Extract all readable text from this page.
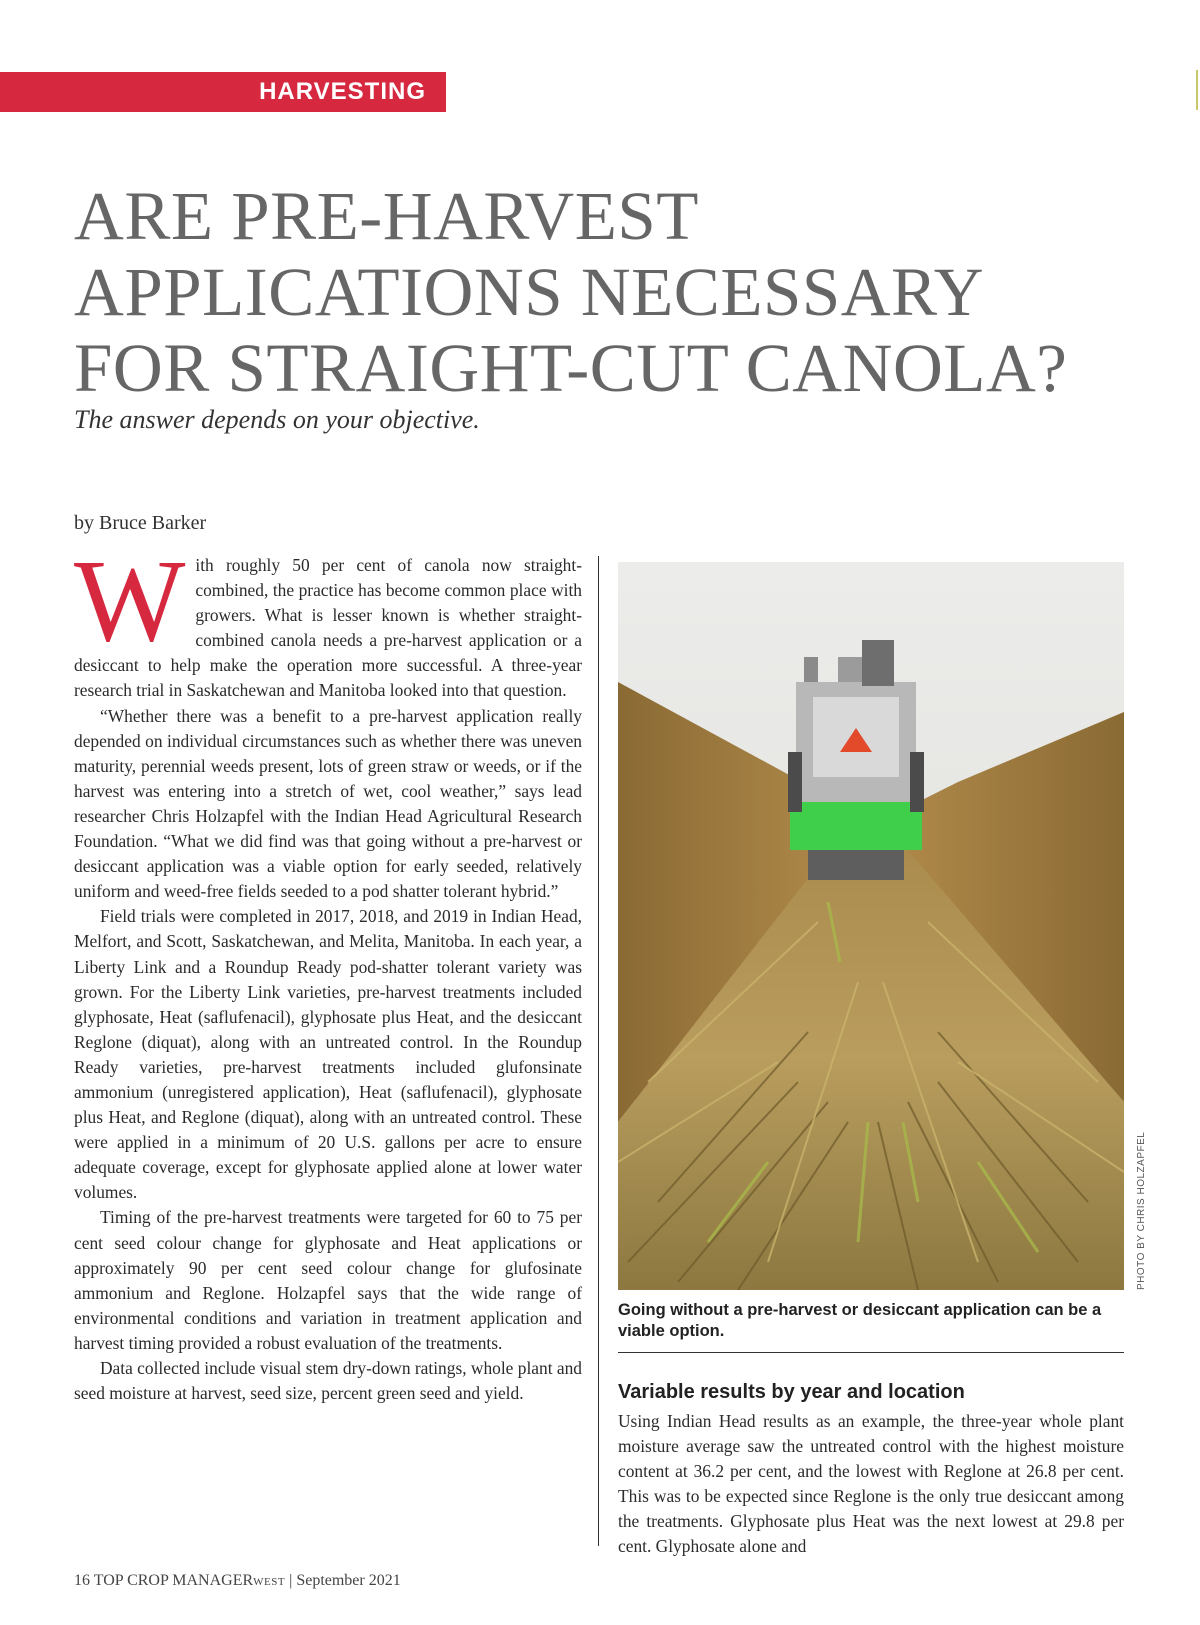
HARVESTING
ARE PRE-HARVEST
APPLICATIONS NECESSARY
FOR STRAIGHT-CUT CANOLA?
The answer depends on your objective.
by Bruce Barker

With roughly 50 per cent of canola now straight-combined, the practice has become common place with growers. What is lesser known is whether straight-combined canola needs a pre-harvest application or a desiccant to help make the operation more successful. A three-year research trial in Saskatchewan and Manitoba looked into that question.

“Whether there was a benefit to a pre-harvest application really depended on individual circumstances such as whether there was uneven maturity, perennial weeds present, lots of green straw or weeds, or if the harvest was entering into a stretch of wet, cool weather,” says lead researcher Chris Holzapfel with the Indian Head Agricultural Research Foundation. “What we did find was that going without a pre-harvest or desiccant application was a viable option for early seeded, relatively uniform and weed-free fields seeded to a pod shatter tolerant hybrid.”

Field trials were completed in 2017, 2018, and 2019 in Indian Head, Melfort, and Scott, Saskatchewan, and Melita, Manitoba. In each year, a Liberty Link and a Roundup Ready pod-shatter tolerant variety was grown. For the Liberty Link varieties, pre-harvest treatments included glyphosate, Heat (saflufenacil), glyphosate plus Heat, and the desiccant Reglone (diquat), along with an untreated control. In the Roundup Ready varieties, pre-harvest treatments included glufonsinate ammonium (unregistered application), Heat (saflufenacil), glyphosate plus Heat, and Reglone (diquat), along with an untreated control. These were applied in a minimum of 20 U.S. gallons per acre to ensure adequate coverage, except for glyphosate applied alone at lower water volumes.

Timing of the pre-harvest treatments were targeted for 60 to 75 per cent seed colour change for glyphosate and Heat applications or approximately 90 per cent seed colour change for glufosinate ammonium and Reglone. Holzapfel says that the wide range of environmental conditions and variation in treatment application and harvest timing provided a robust evaluation of the treatments.

Data collected include visual stem dry-down ratings, whole plant and seed moisture at harvest, seed size, percent green seed and yield.

PHOTO BY CHRIS HOLZAPFEL
Going without a pre-harvest or desiccant application can be a viable option.
Variable results by year and location
Using Indian Head results as an example, the three-year whole plant moisture average saw the untreated control with the highest moisture content at 36.2 per cent, and the lowest with Reglone at 26.8 per cent. This was to be expected since Reglone is the only true desiccant among the treatments. Glyphosate plus Heat was the next lowest at 29.8 per cent. Glyphosate alone and
16 TOP CROP MANAGERWEST | September 2021
